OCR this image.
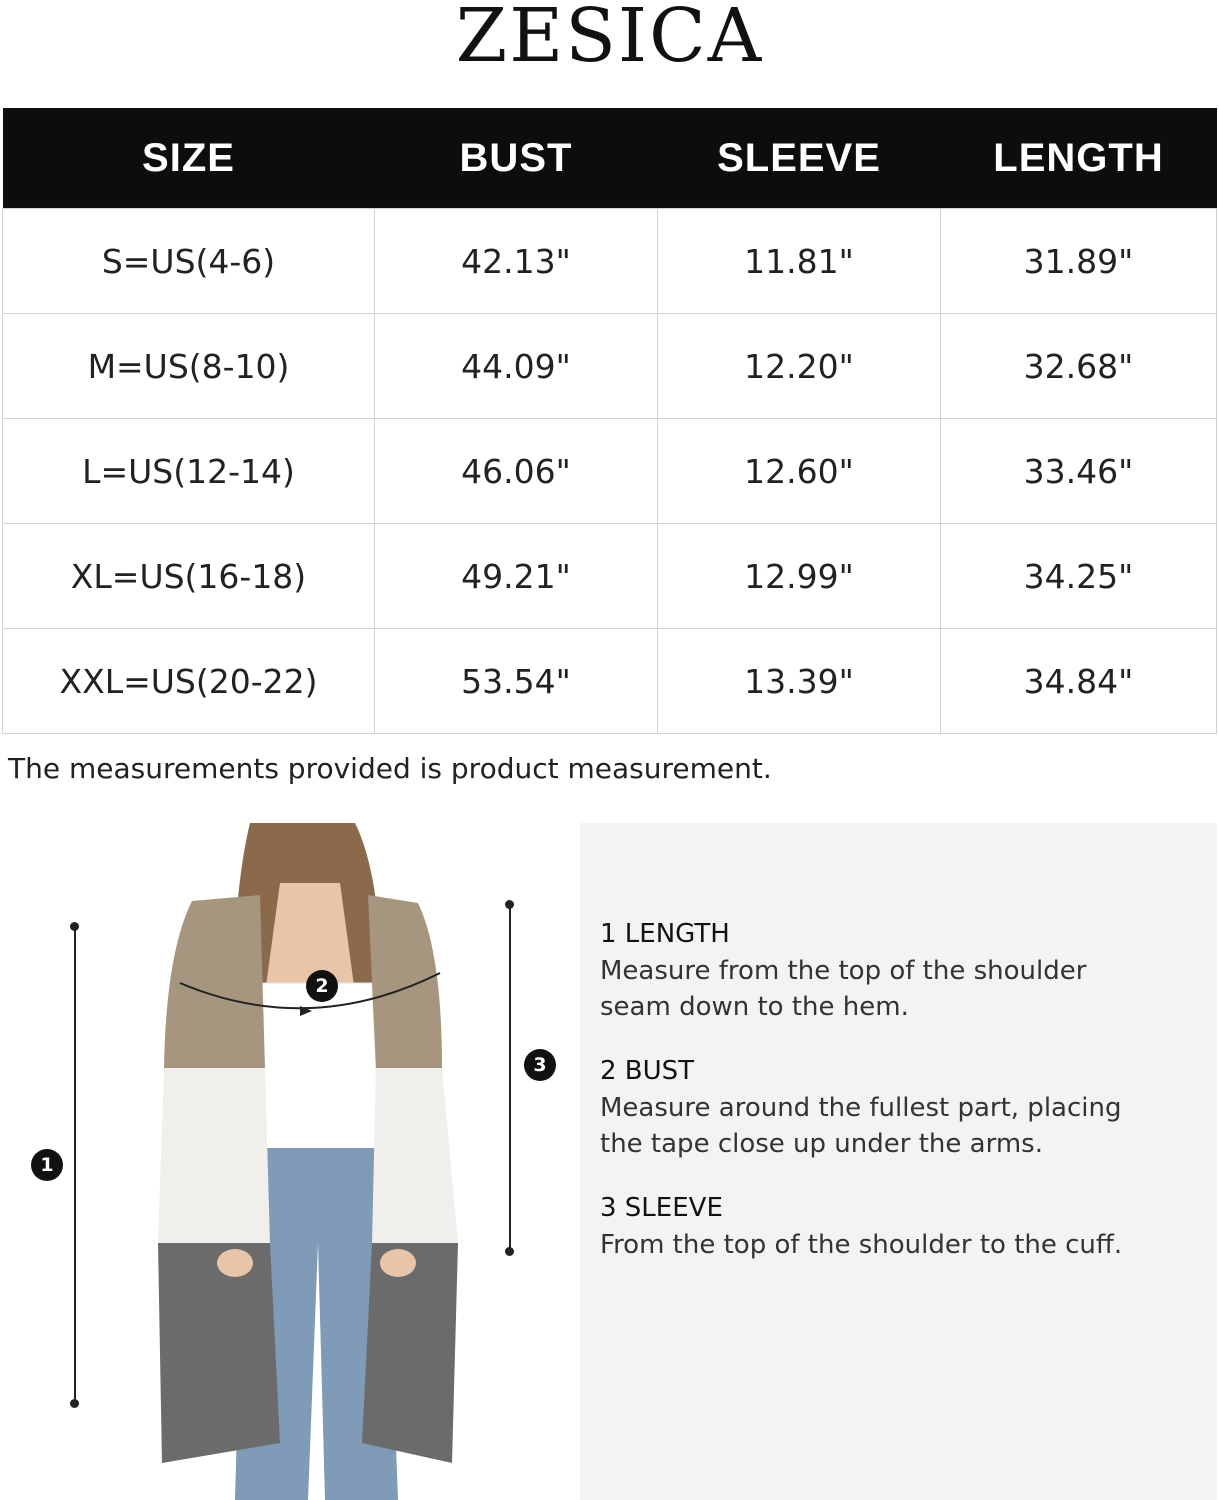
ZESICA
SIZE	BUST	SLEEVE	LENGTH
S=US(4-6)	42.13"	11.81"	31.89"
M=US(8-10)	44.09"	12.20"	32.68"
L=US(12-14)	46.06"	12.60"	33.46"
XL=US(16-18)	49.21"	12.99"	34.25"
XXL=US(20-22)	53.54"	13.39"	34.84"
The measurements provided is product measurement.
1
2
3

1 LENGTH

Measure from the top of the shoulder seam down to the hem.

2 BUST

Measure around the fullest part, placing the tape close up under the arms.

3 SLEEVE

From the top of the shoulder to the cuff.
